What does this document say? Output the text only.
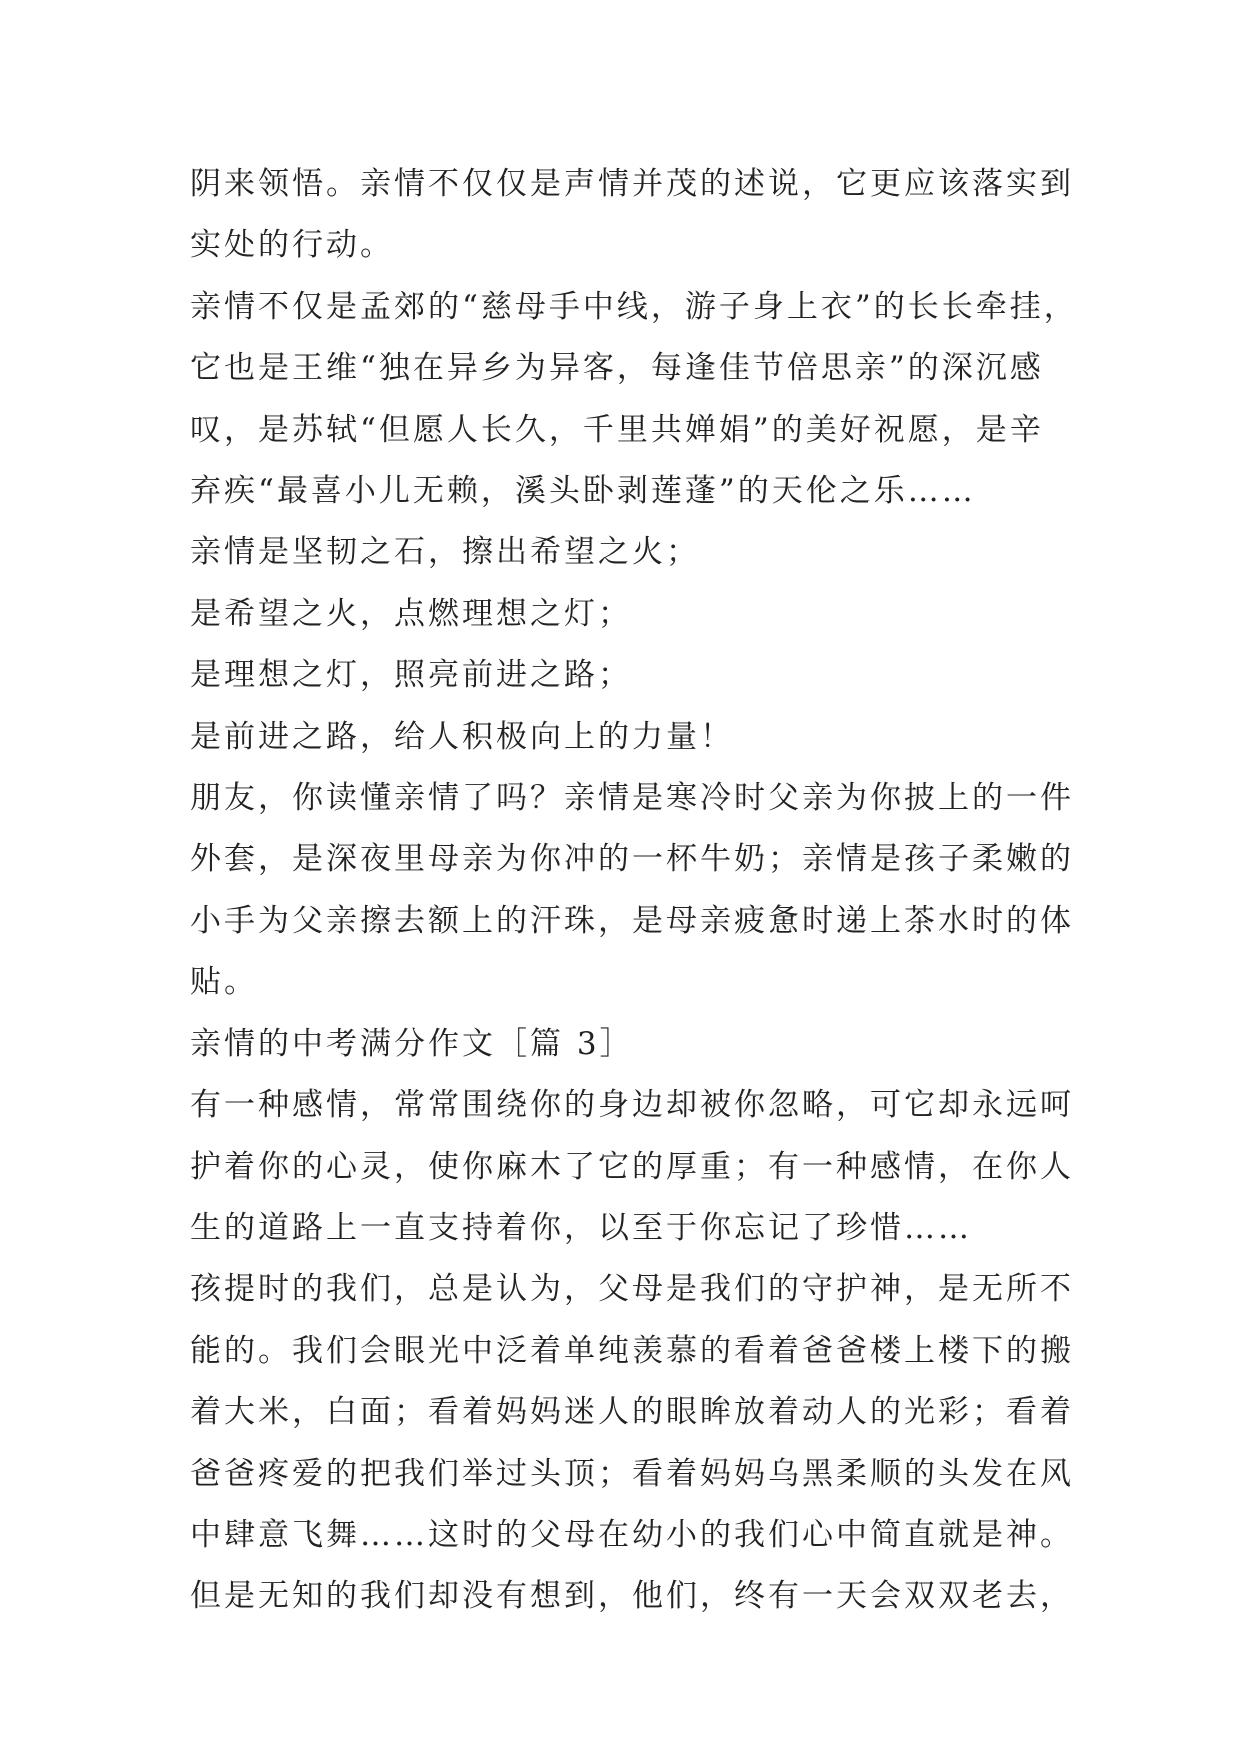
阴来领悟。亲情不仅仅是声情并茂的述说，它更应该落实到

实处的行动。

亲情不仅是孟郊的“慈母手中线，游子身上衣”的长长牵挂，

它也是王维“独在异乡为异客，每逢佳节倍思亲”的深沉感

叹，是苏轼“但愿人长久，千里共婵娟”的美好祝愿，是辛

弃疾“最喜小儿无赖，溪头卧剥莲蓬”的天伦之乐……

亲情是坚韧之石，擦出希望之火；

是希望之火，点燃理想之灯；

是理想之灯，照亮前进之路；

是前进之路，给人积极向上的力量！

朋友，你读懂亲情了吗？亲情是寒冷时父亲为你披上的一件

外套，是深夜里母亲为你冲的一杯牛奶；亲情是孩子柔嫩的

小手为父亲擦去额上的汗珠，是母亲疲惫时递上茶水时的体

贴。

亲情的中考满分作文［篇 3］

有一种感情，常常围绕你的身边却被你忽略，可它却永远呵

护着你的心灵，使你麻木了它的厚重；有一种感情，在你人

生的道路上一直支持着你，以至于你忘记了珍惜……

孩提时的我们，总是认为，父母是我们的守护神，是无所不

能的。我们会眼光中泛着单纯羡慕的看着爸爸楼上楼下的搬

着大米，白面；看着妈妈迷人的眼眸放着动人的光彩；看着

爸爸疼爱的把我们举过头顶；看着妈妈乌黑柔顺的头发在风

中肆意飞舞……这时的父母在幼小的我们心中简直就是神。

但是无知的我们却没有想到，他们，终有一天会双双老去，
